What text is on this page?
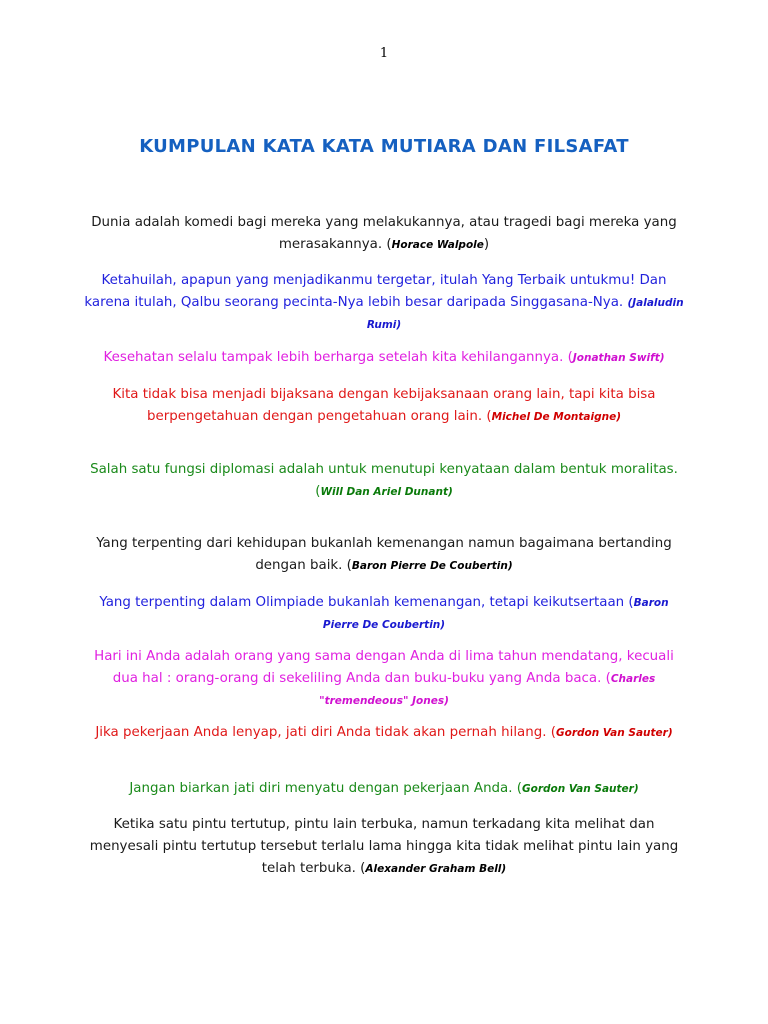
1
KUMPULAN KATA KATA MUTIARA DAN FILSAFAT
Dunia adalah komedi bagi mereka yang melakukannya, atau tragedi bagi mereka yang merasakannya. (Horace Walpole)
Ketahuilah, apapun yang menjadikanmu tergetar, itulah Yang Terbaik untukmu! Dan karena itulah, Qalbu seorang pecinta-Nya lebih besar daripada Singgasana-Nya. (Jalaludin Rumi)
Kesehatan selalu tampak lebih berharga setelah kita kehilangannya. (Jonathan Swift)
Kita tidak bisa menjadi bijaksana dengan kebijaksanaan orang lain, tapi kita bisa berpengetahuan dengan pengetahuan orang lain. (Michel De Montaigne)
Salah satu fungsi diplomasi adalah untuk menutupi kenyataan dalam bentuk moralitas. (Will Dan Ariel Dunant)
Yang terpenting dari kehidupan bukanlah kemenangan namun bagaimana bertanding dengan baik. (Baron Pierre De Coubertin)
Yang terpenting dalam Olimpiade bukanlah kemenangan, tetapi keikutsertaan (Baron Pierre De Coubertin)
Hari ini Anda adalah orang yang sama dengan Anda di lima tahun mendatang, kecuali dua hal : orang-orang di sekeliling Anda dan buku-buku yang Anda baca. (Charles "tremendeous" Jones)
Jika pekerjaan Anda lenyap, jati diri Anda tidak akan pernah hilang. (Gordon Van Sauter)
Jangan biarkan jati diri menyatu dengan pekerjaan Anda. (Gordon Van Sauter)
Ketika satu pintu tertutup, pintu lain terbuka, namun terkadang kita melihat dan menyesali pintu tertutup tersebut terlalu lama hingga kita tidak melihat pintu lain yang telah terbuka. (Alexander Graham Bell)
